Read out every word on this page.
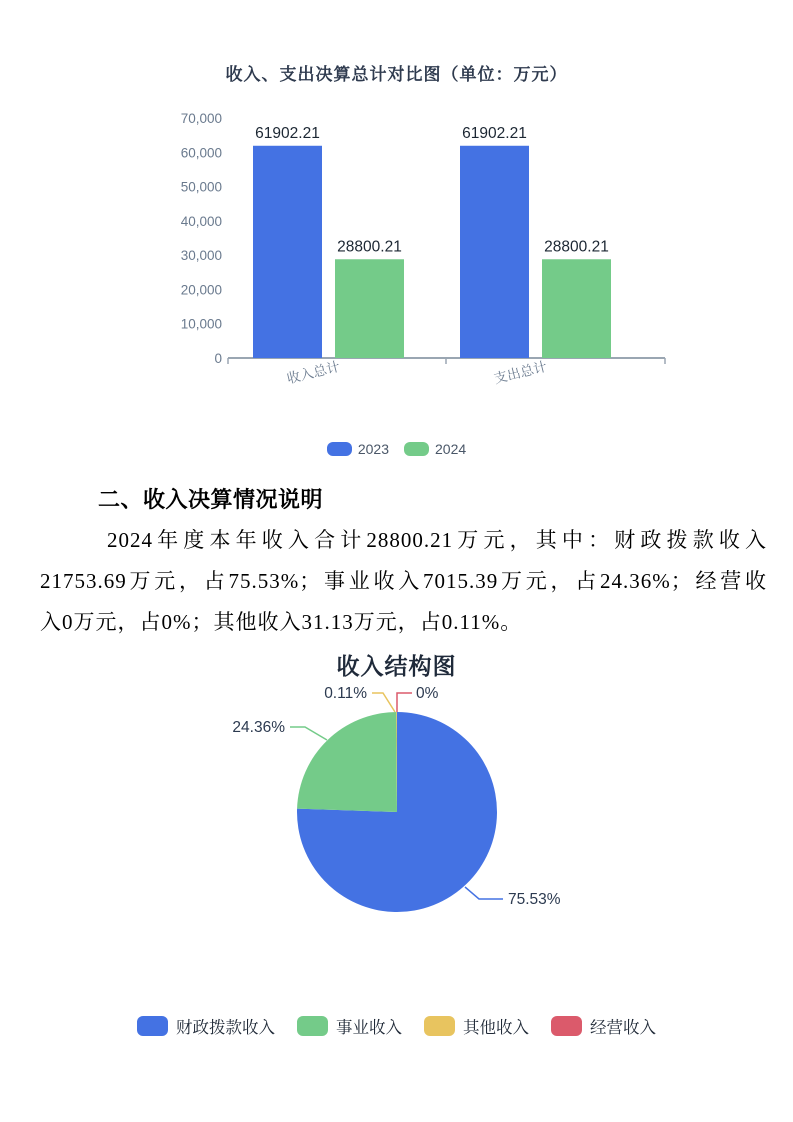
收入、支出决算总计对比图（单位：万元）
0
10,000
20,000
30,000
40,000
50,000
60,000
70,000
61902.21	61902.21
28800.21	28800.21
收入总计	支出总计
2023	2024
二、收入决算情况说明
2024年度本年收入合计28800.21万元，其中：财政拨款收入
21753.69万元，占75.53%；事业收入7015.39万元，占24.36%；经营收
入0万元，占0%；其他收入31.13万元，占0.11%。
收入结构图
75.53%
24.36%
0.11%	0%
财政拨款收入	事业收入	其他收入	经营收入
